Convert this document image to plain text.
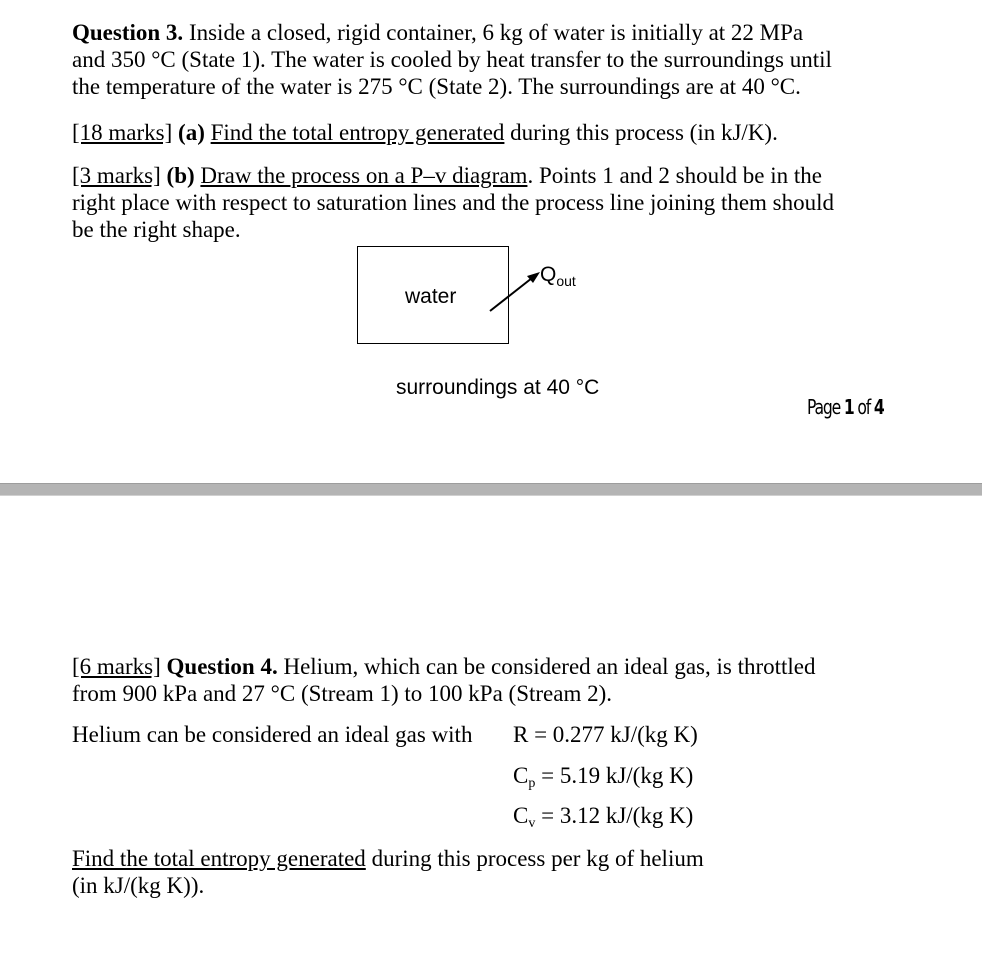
Question 3. Inside a closed, rigid container, 6 kg of water is initially at 22 MPa
and 350 °C (State 1). The water is cooled by heat transfer to the surroundings until
the temperature of the water is 275 °C (State 2). The surroundings are at 40 °C.
[18 marks] (a) Find the total entropy generated during this process (in kJ/K).
[3 marks] (b) Draw the process on a P–v diagram. Points 1 and 2 should be in the
right place with respect to saturation lines and the process line joining them should
be the right shape.
water
$Q_{out}$
surroundings at 40 °C
Page 1 of 4
[6 marks] Question 4. Helium, which can be considered an ideal gas, is throttled
from 900 kPa and 27 °C (Stream 1) to 100 kPa (Stream 2).
Helium can be considered an ideal gas with R = 0.277 kJ/(kg K)
$C_p = 5.19$ kJ/(kg K)
$C_v = 3.12$ kJ/(kg K)
Find the total entropy generated during this process per kg of helium
(in kJ/(kg K)).
